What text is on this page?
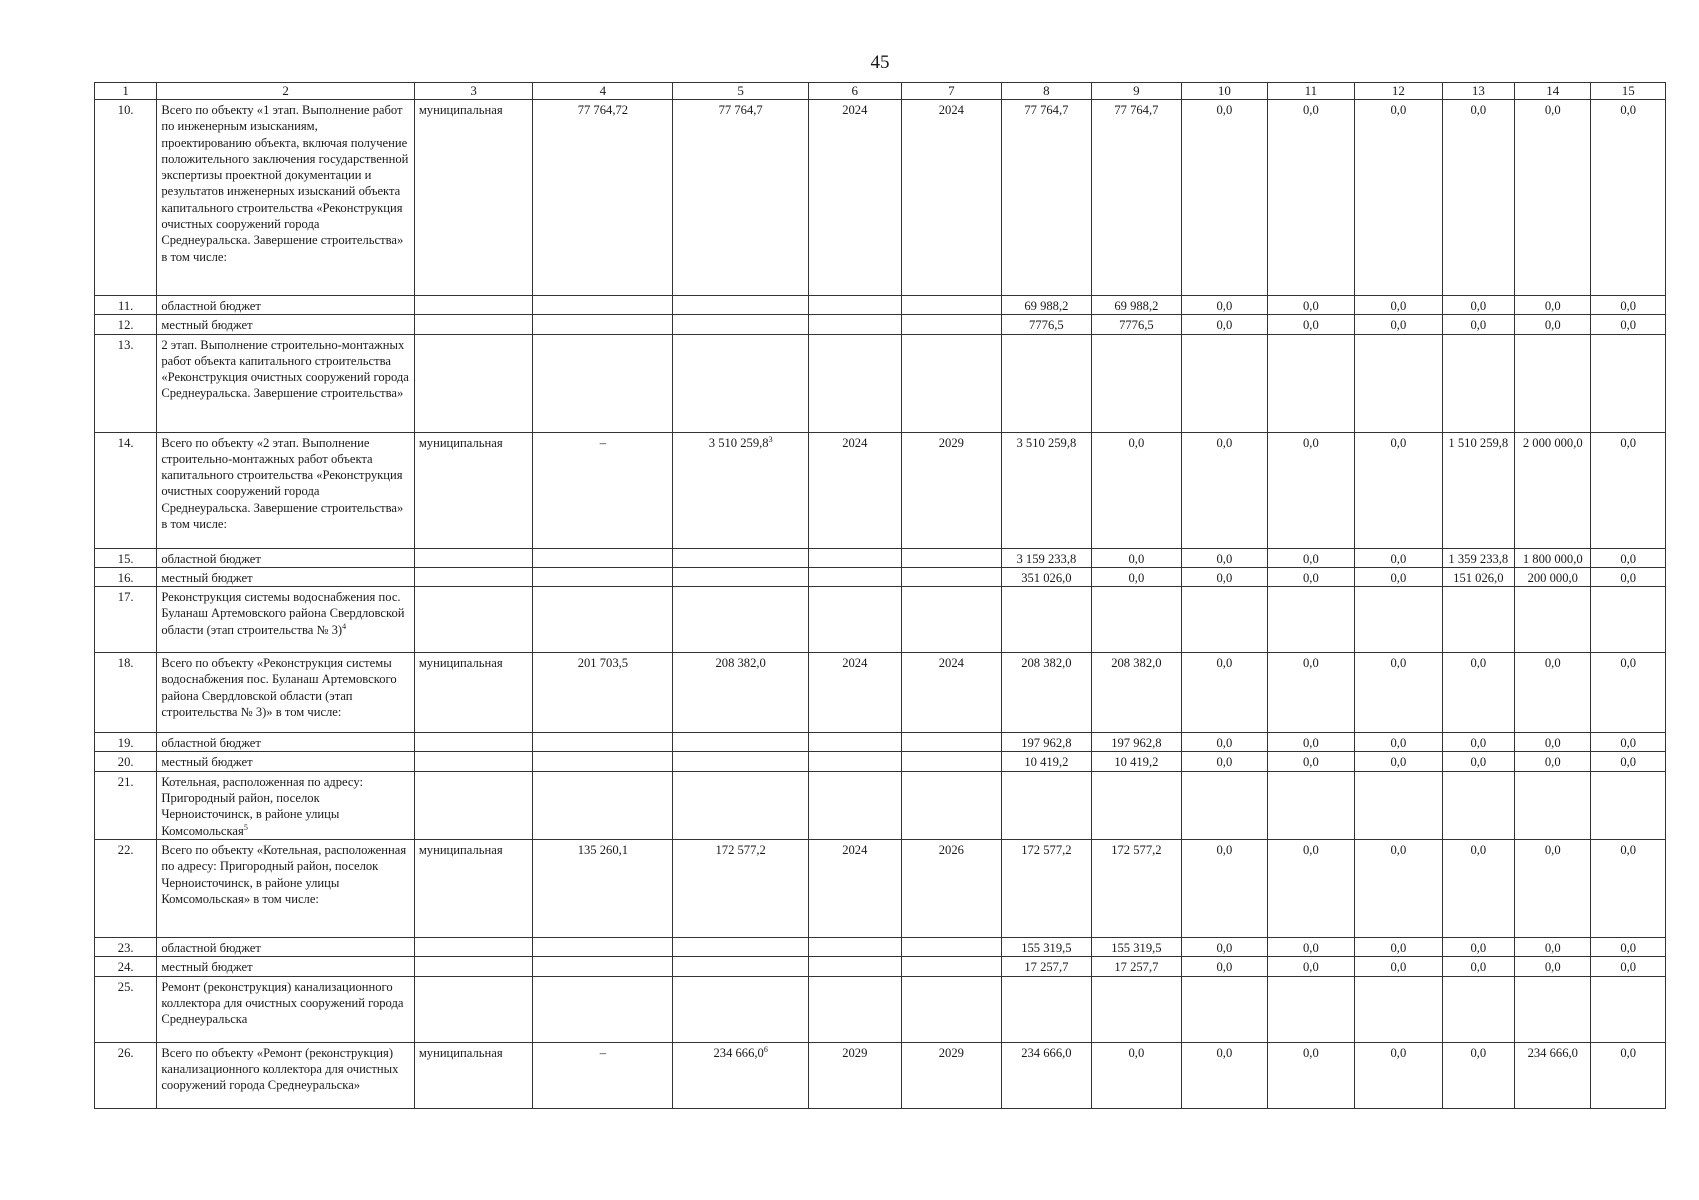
45
1	2	3	4	5	6	7	8	9	10	11	12	13	14	15
10.	Всего по объекту «1 этап. Выполнение работ по инженерным изысканиям, проектированию объекта, включая получение положительного заключения государственной экспертизы проектной документации и результатов инженерных изысканий объекта капитального строительства «Реконструкция очистных сооружений города Среднеуральска. Завершение строительства» в том числе:	муниципальная	77 764,72	77 764,7	2024	2024	77 764,7	77 764,7	0,0	0,0	0,0	0,0	0,0	0,0
11.	областной бюджет						69 988,2	69 988,2	0,0	0,0	0,0	0,0	0,0	0,0
12.	местный бюджет						7776,5	7776,5	0,0	0,0	0,0	0,0	0,0	0,0
13.	2 этап. Выполнение строительно-монтажных работ объекта капитального строительства «Реконструкция очистных сооружений города Среднеуральска. Завершение строительства»													
14.	Всего по объекту «2 этап. Выполнение строительно-монтажных работ объекта капитального строительства «Реконструкция очистных сооружений города Среднеуральска. Завершение строительства» в том числе:	муниципальная	–	3 510 259,8$^3$	2024	2029	3 510 259,8	0,0	0,0	0,0	0,0	1 510 259,8	2 000 000,0	0,0
15.	областной бюджет						3 159 233,8	0,0	0,0	0,0	0,0	1 359 233,8	1 800 000,0	0,0
16.	местный бюджет						351 026,0	0,0	0,0	0,0	0,0	151 026,0	200 000,0	0,0
17.	Реконструкция системы водоснабжения пос. Буланаш Артемовского района Свердловской области (этап строительства № 3)$^4$													
18.	Всего по объекту «Реконструкция системы водоснабжения пос. Буланаш Артемовского района Свердловской области (этап строительства № 3)» в том числе:	муниципальная	201 703,5	208 382,0	2024	2024	208 382,0	208 382,0	0,0	0,0	0,0	0,0	0,0	0,0
19.	областной бюджет						197 962,8	197 962,8	0,0	0,0	0,0	0,0	0,0	0,0
20.	местный бюджет						10 419,2	10 419,2	0,0	0,0	0,0	0,0	0,0	0,0
21.	Котельная, расположенная по адресу: Пригородный район, поселок Черноисточинск, в районе улицы Комсомольская$^5$													
22.	Всего по объекту «Котельная, расположенная по адресу: Пригородный район, поселок Черноисточинск, в районе улицы Комсомольская» в том числе:	муниципальная	135 260,1	172 577,2	2024	2026	172 577,2	172 577,2	0,0	0,0	0,0	0,0	0,0	0,0
23.	областной бюджет						155 319,5	155 319,5	0,0	0,0	0,0	0,0	0,0	0,0
24.	местный бюджет						17 257,7	17 257,7	0,0	0,0	0,0	0,0	0,0	0,0
25.	Ремонт (реконструкция) канализационного коллектора для очистных сооружений города Среднеуральска													
26.	Всего по объекту «Ремонт (реконструкция) канализационного коллектора для очистных сооружений города Среднеуральска»	муниципальная	–	234 666,0$^6$	2029	2029	234 666,0	0,0	0,0	0,0	0,0	0,0	234 666,0	0,0
